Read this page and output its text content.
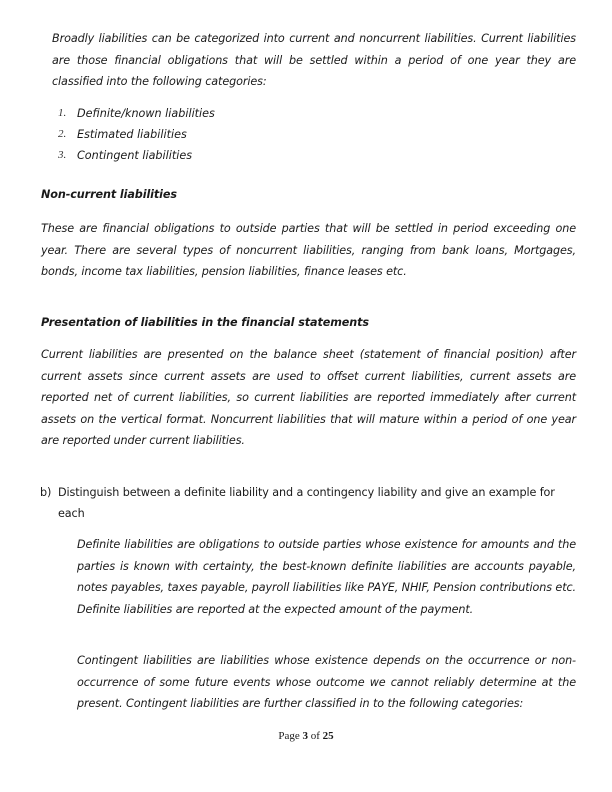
Broadly liabilities can be categorized into current and noncurrent liabilities. Current liabilities are those financial obligations that will be settled within a period of one year they are classified into the following categories:

1. Definite/known liabilities
2. Estimated liabilities
3. Contingent liabilities
Non-current liabilities

These are financial obligations to outside parties that will be settled in period exceeding one year. There are several types of noncurrent liabilities, ranging from bank loans, Mortgages, bonds, income tax liabilities, pension liabilities, finance leases etc.

Presentation of liabilities in the financial statements

Current liabilities are presented on the balance sheet (statement of financial position) after current assets since current assets are used to offset current liabilities, current assets are reported net of current liabilities, so current liabilities are reported immediately after current assets on the vertical format. Noncurrent liabilities that will mature within a period of one year are reported under current liabilities.

b) Distinguish between a definite liability and a contingency liability and give an example for each

Definite liabilities are obligations to outside parties whose existence for amounts and the parties is known with certainty, the best-known definite liabilities are accounts payable, notes payables, taxes payable, payroll liabilities like PAYE, NHIF, Pension contributions etc. Definite liabilities are reported at the expected amount of the payment.

Contingent liabilities are liabilities whose existence depends on the occurrence or non-occurrence of some future events whose outcome we cannot reliably determine at the present. Contingent liabilities are further classified in to the following categories:

Page 3 of 25
